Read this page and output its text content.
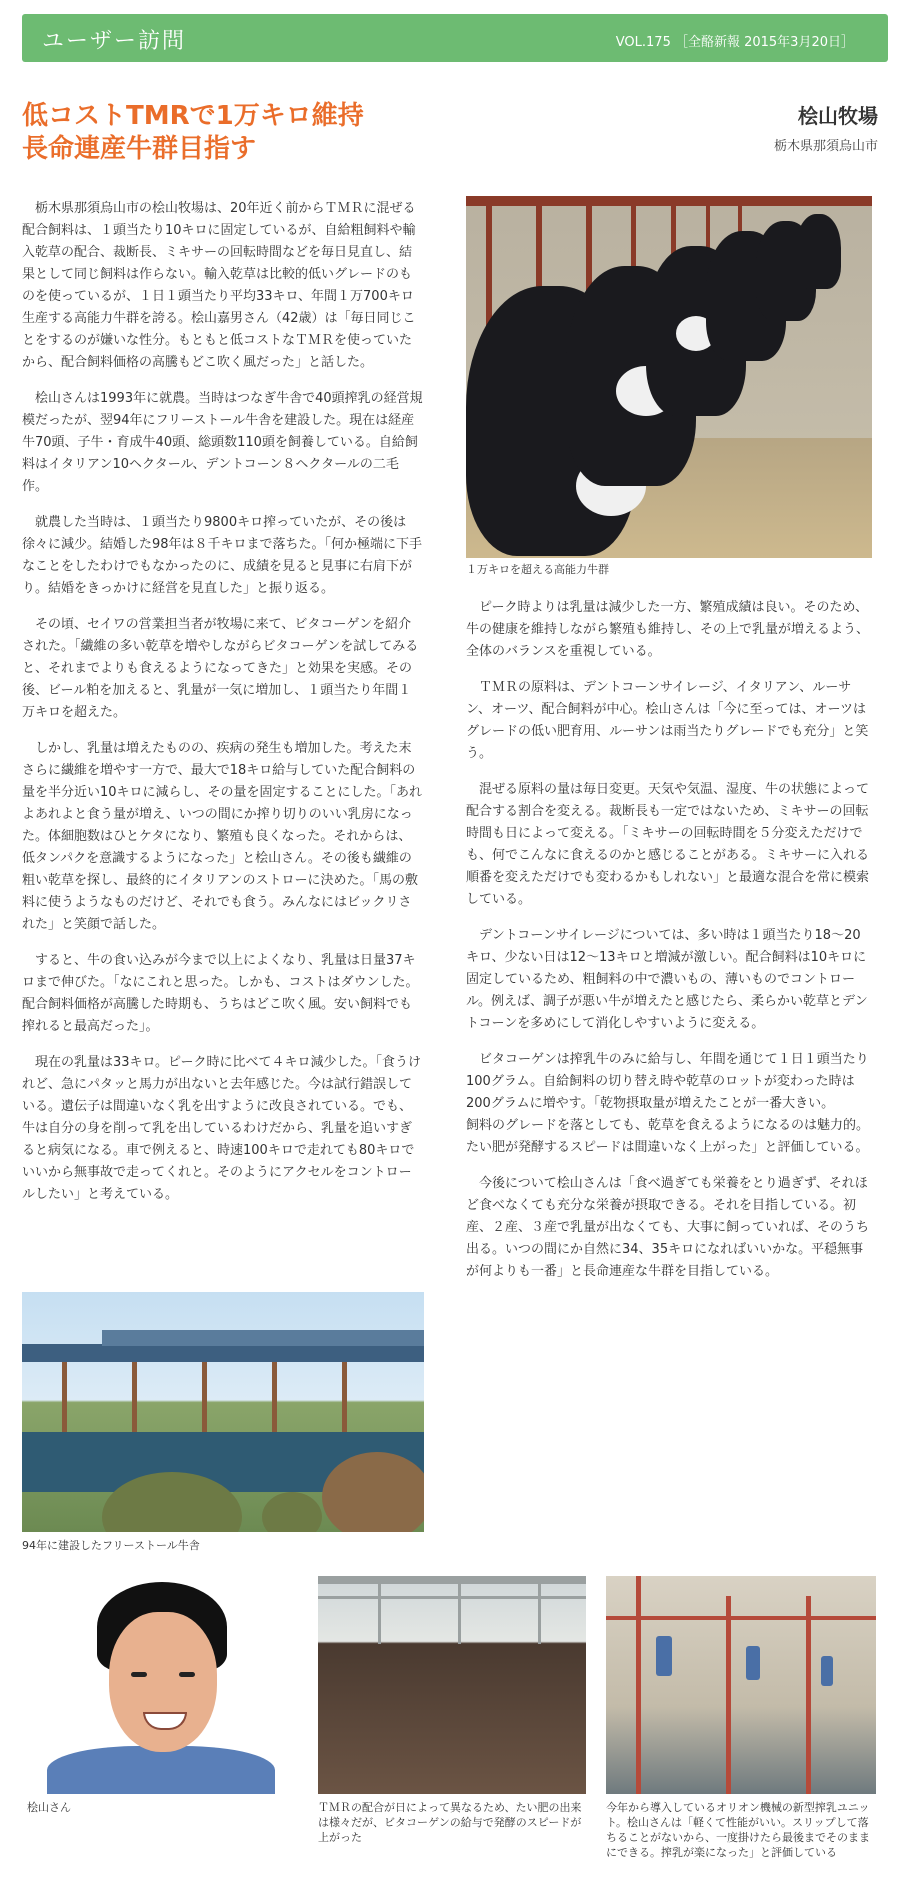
ユーザー訪問	VOL.175 ［全酪新報 2015年3月20日］
低コストTMRで1万キロ維持
長命連産牛群目指す
桧山牧場
栃木県那須烏山市

栃木県那須烏山市の桧山牧場は、20年近く前からＴＭＲに混ぜる配合飼料は、１頭当たり10キロに固定しているが、自給粗飼料や輸入乾草の配合、裁断長、ミキサーの回転時間などを毎日見直し、結果として同じ飼料は作らない。輸入乾草は比較的低いグレードのものを使っているが、１日１頭当たり平均33キロ、年間１万700キロ生産する高能力牛群を誇る。桧山嘉男さん（42歳）は「毎日同じことをするのが嫌いな性分。もともと低コストなＴＭＲを使っていたから、配合飼料価格の高騰もどこ吹く風だった」と話した。

桧山さんは1993年に就農。当時はつなぎ牛舎で40頭搾乳の経営規模だったが、翌94年にフリーストール牛舎を建設した。現在は経産牛70頭、子牛・育成牛40頭、総頭数110頭を飼養している。自給飼料はイタリアン10ヘクタール、デントコーン８ヘクタールの二毛作。

就農した当時は、１頭当たり9800キロ搾っていたが、その後は徐々に減少。結婚した98年は８千キロまで落ちた。「何か極端に下手なことをしたわけでもなかったのに、成績を見ると見事に右肩下がり。結婚をきっかけに経営を見直した」と振り返る。

その頃、セイワの営業担当者が牧場に来て、ビタコーゲンを紹介された。「繊維の多い乾草を増やしながらビタコーゲンを試してみると、それまでよりも食えるようになってきた」と効果を実感。その後、ビール粕を加えると、乳量が一気に増加し、１頭当たり年間１万キロを超えた。

しかし、乳量は増えたものの、疾病の発生も増加した。考えた末さらに繊維を増やす一方で、最大で18キロ給与していた配合飼料の量を半分近い10キロに減らし、その量を固定することにした。「あれよあれよと食う量が増え、いつの間にか搾り切りのいい乳房になった。体細胞数はひとケタになり、繁殖も良くなった。それからは、低タンパクを意識するようになった」と桧山さん。その後も繊維の粗い乾草を探し、最終的にイタリアンのストローに決めた。「馬の敷料に使うようなものだけど、それでも食う。みんなにはビックリされた」と笑顔で話した。

すると、牛の食い込みが今まで以上によくなり、乳量は日量37キロまで伸びた。「なにこれと思った。しかも、コストはダウンした。配合飼料価格が高騰した時期も、うちはどこ吹く風。安い飼料でも搾れると最高だった」。

現在の乳量は33キロ。ピーク時に比べて４キロ減少した。「食うけれど、急にパタッと馬力が出ないと去年感じた。今は試行錯誤している。遺伝子は間違いなく乳を出すように改良されている。でも、牛は自分の身を削って乳を出しているわけだから、乳量を追いすぎると病気になる。車で例えると、時速100キロで走れても80キロでいいから無事故で走ってくれと。そのようにアクセルをコントロールしたい」と考えている。

１万キロを超える高能力牛群

ピーク時よりは乳量は減少した一方、繁殖成績は良い。そのため、牛の健康を維持しながら繁殖も維持し、その上で乳量が増えるよう、全体のバランスを重視している。

ＴＭＲの原料は、デントコーンサイレージ、イタリアン、ルーサン、オーツ、配合飼料が中心。桧山さんは「今に至っては、オーツはグレードの低い肥育用、ルーサンは雨当たりグレードでも充分」と笑う。

混ぜる原料の量は毎日変更。天気や気温、湿度、牛の状態によって配合する割合を変える。裁断長も一定ではないため、ミキサーの回転時間も日によって変える。「ミキサーの回転時間を５分変えただけでも、何でこんなに食えるのかと感じることがある。ミキサーに入れる順番を変えただけでも変わるかもしれない」と最適な混合を常に模索している。

デントコーンサイレージについては、多い時は１頭当たり18〜20キロ、少ない日は12〜13キロと増減が激しい。配合飼料は10キロに固定しているため、粗飼料の中で濃いもの、薄いものでコントロール。例えば、調子が悪い牛が増えたと感じたら、柔らかい乾草とデントコーンを多めにして消化しやすいように変える。

ビタコーゲンは搾乳牛のみに給与し、年間を通じて１日１頭当たり100グラム。自給飼料の切り替え時や乾草のロットが変わった時は200グラムに増やす。「乾物摂取量が増えたことが一番大きい。
飼料のグレードを落としても、乾草を食えるようになるのは魅力的。たい肥が発酵するスピードは間違いなく上がった」と評価している。

今後について桧山さんは「食べ過ぎても栄養をとり過ぎず、それほど食べなくても充分な栄養が摂取できる。それを目指している。初産、２産、３産で乳量が出なくても、大事に飼っていれば、そのうち出る。いつの間にか自然に34、35キロになればいいかな。平穏無事が何よりも一番」と長命連産な牛群を目指している。

94年に建設したフリーストール牛舎
桧山さん	ＴＭＲの配合が日によって異なるため、たい肥の出来は様々だが、ビタコーゲンの給与で発酵のスピードが上がった
今年から導入しているオリオン機械の新型搾乳ユニット。桧山さんは「軽くて性能がいい。スリップして落ちることがないから、一度掛けたら最後までそのままにできる。搾乳が楽になった」と評価している
